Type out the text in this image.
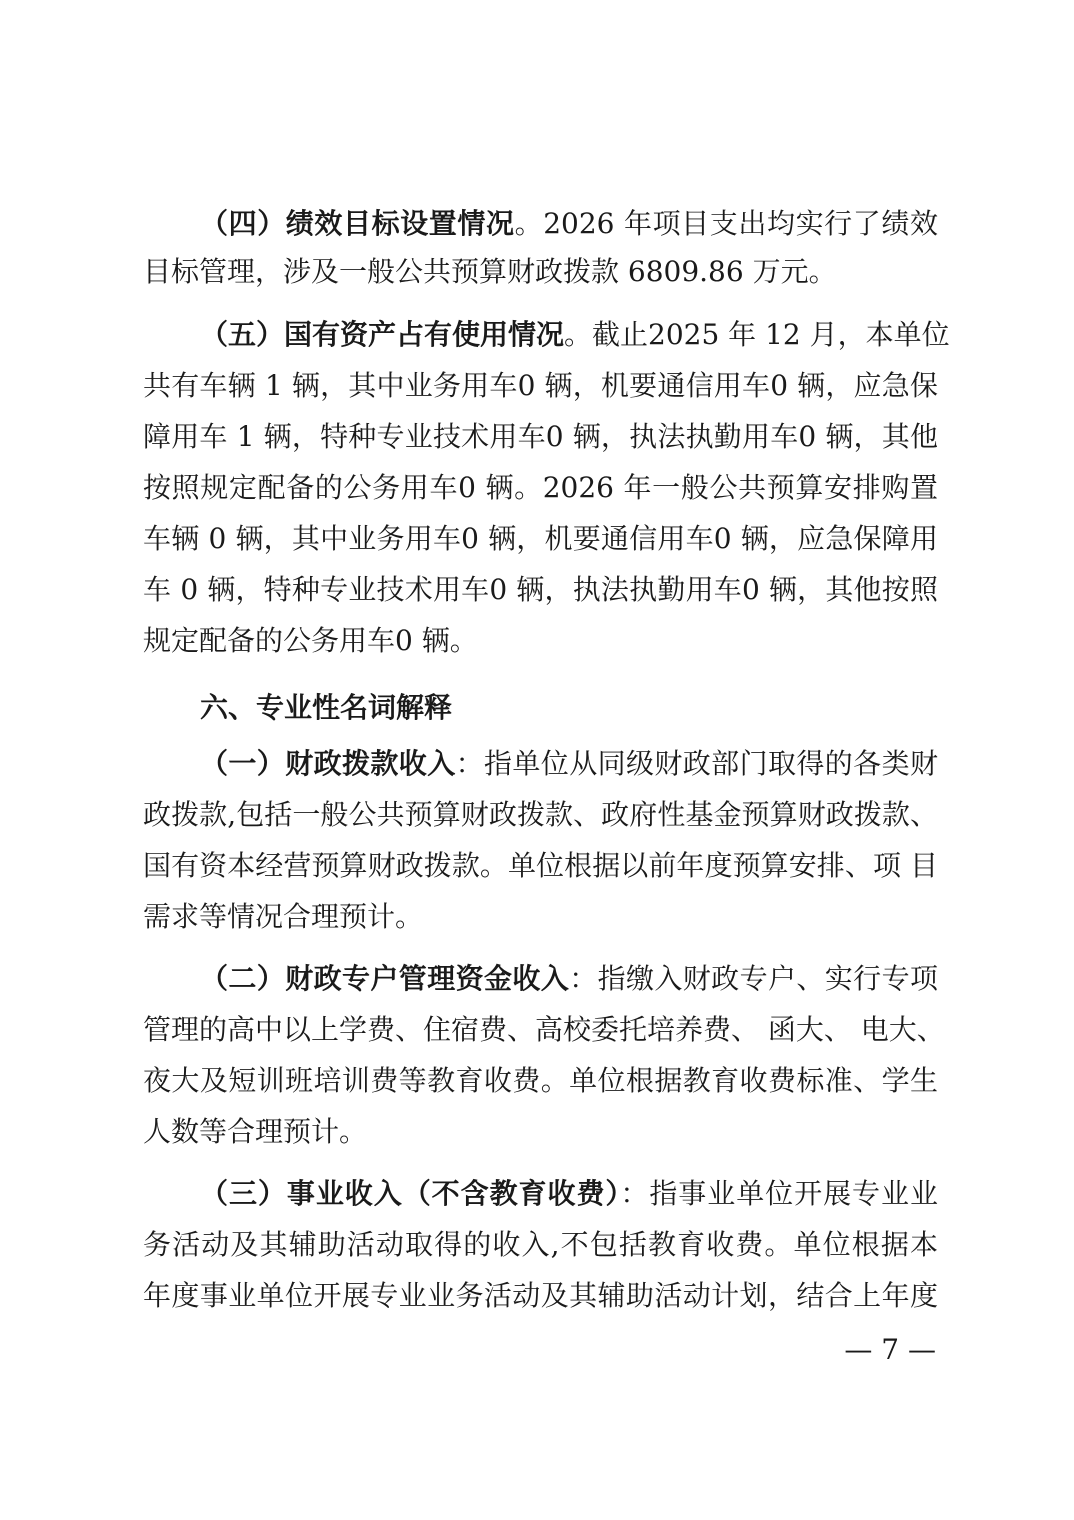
（四）绩效目标设置情况。2026 年项目支出均实行了绩效
目标管理，涉及一般公共预算财政拨款 6809.86 万元。
（五）国有资产占有使用情况。截止2025 年 12 月，本单位
共有车辆 1 辆，其中业务用车0 辆，机要通信用车0 辆，应急保
障用车 1 辆，特种专业技术用车0 辆，执法执勤用车0 辆，其他
按照规定配备的公务用车0 辆。2026 年一般公共预算安排购置
车辆 0 辆，其中业务用车0 辆，机要通信用车0 辆，应急保障用
车 0 辆，特种专业技术用车0 辆，执法执勤用车0 辆，其他按照
规定配备的公务用车0 辆。
六、专业性名词解释
（一）财政拨款收入：指单位从同级财政部门取得的各类财
政拨款,包括一般公共预算财政拨款、政府性基金预算财政拨款、
国有资本经营预算财政拨款。单位根据以前年度预算安排、项 目
需求等情况合理预计。
（二）财政专户管理资金收入：指缴入财政专户、实行专项
管理的高中以上学费、住宿费、高校委托培养费、 函大、 电大、
夜大及短训班培训费等教育收费。单位根据教育收费标准、学生
人数等合理预计。
（三）事业收入（不含教育收费）：指事业单位开展专业业
务活动及其辅助活动取得的收入,不包括教育收费。单位根据本
年度事业单位开展专业业务活动及其辅助活动计划，结合上年度
— 7 —
